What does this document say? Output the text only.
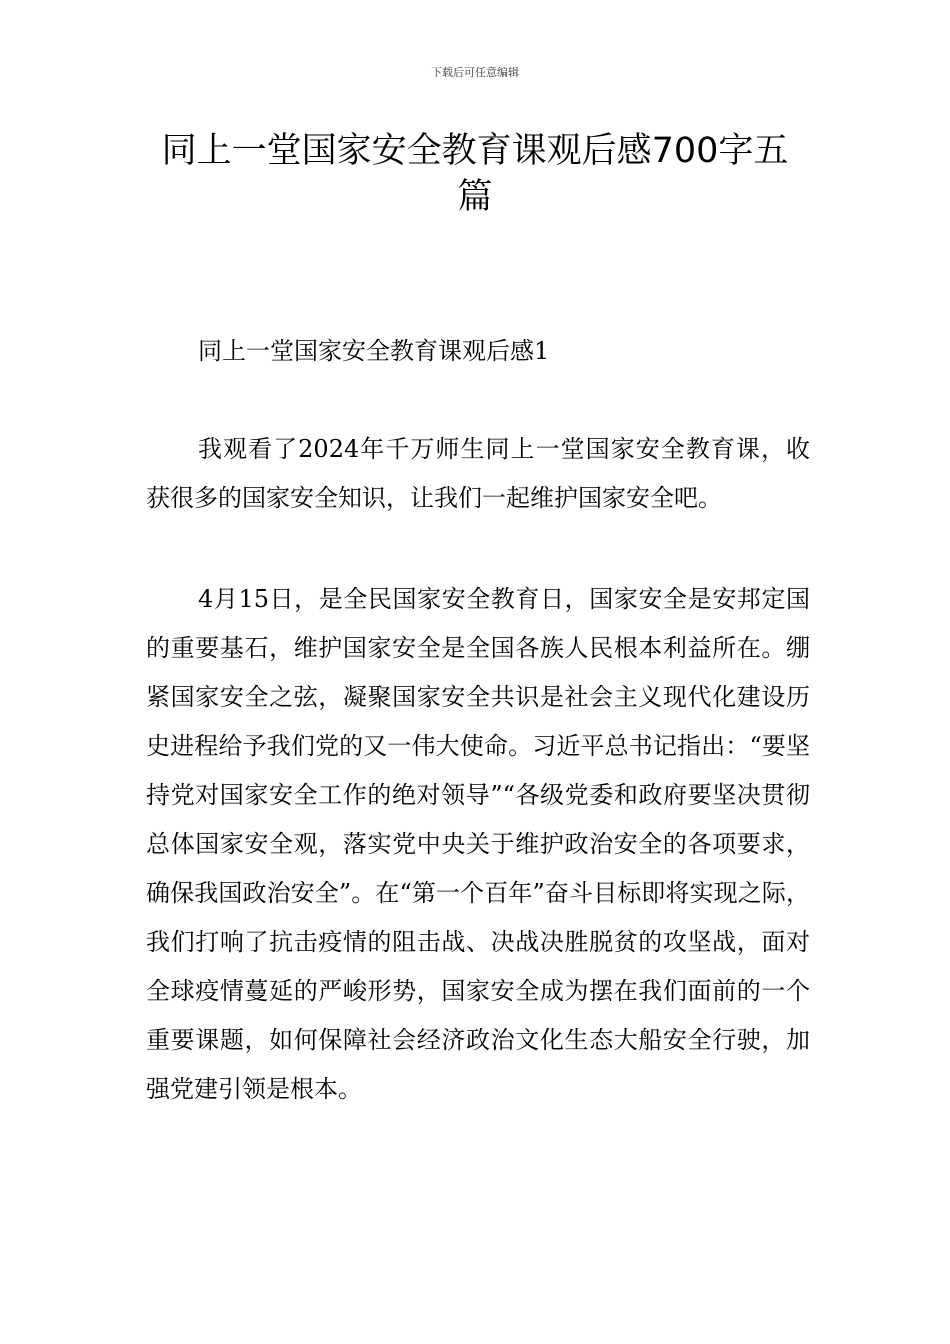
下载后可任意编辑
同上一堂国家安全教育课观后感700字五篇

同上一堂国家安全教育课观后感1

我观看了2024年千万师生同上一堂国家安全教育课，收获很多的国家安全知识，让我们一起维护国家安全吧。

4月15日，是全民国家安全教育日，国家安全是安邦定国的重要基石，维护国家安全是全国各族人民根本利益所在。绷紧国家安全之弦，凝聚国家安全共识是社会主义现代化建设历史进程给予我们党的又一伟大使命。习近平总书记指出：“要坚持党对国家安全工作的绝对领导”“各级党委和政府要坚决贯彻总体国家安全观，落实党中央关于维护政治安全的各项要求，确保我国政治安全”。在“第一个百年”奋斗目标即将实现之际，我们打响了抗击疫情的阻击战、决战决胜脱贫的攻坚战，面对全球疫情蔓延的严峻形势，国家安全成为摆在我们面前的一个重要课题，如何保障社会经济政治文化生态大船安全行驶，加强党建引领是根本。
